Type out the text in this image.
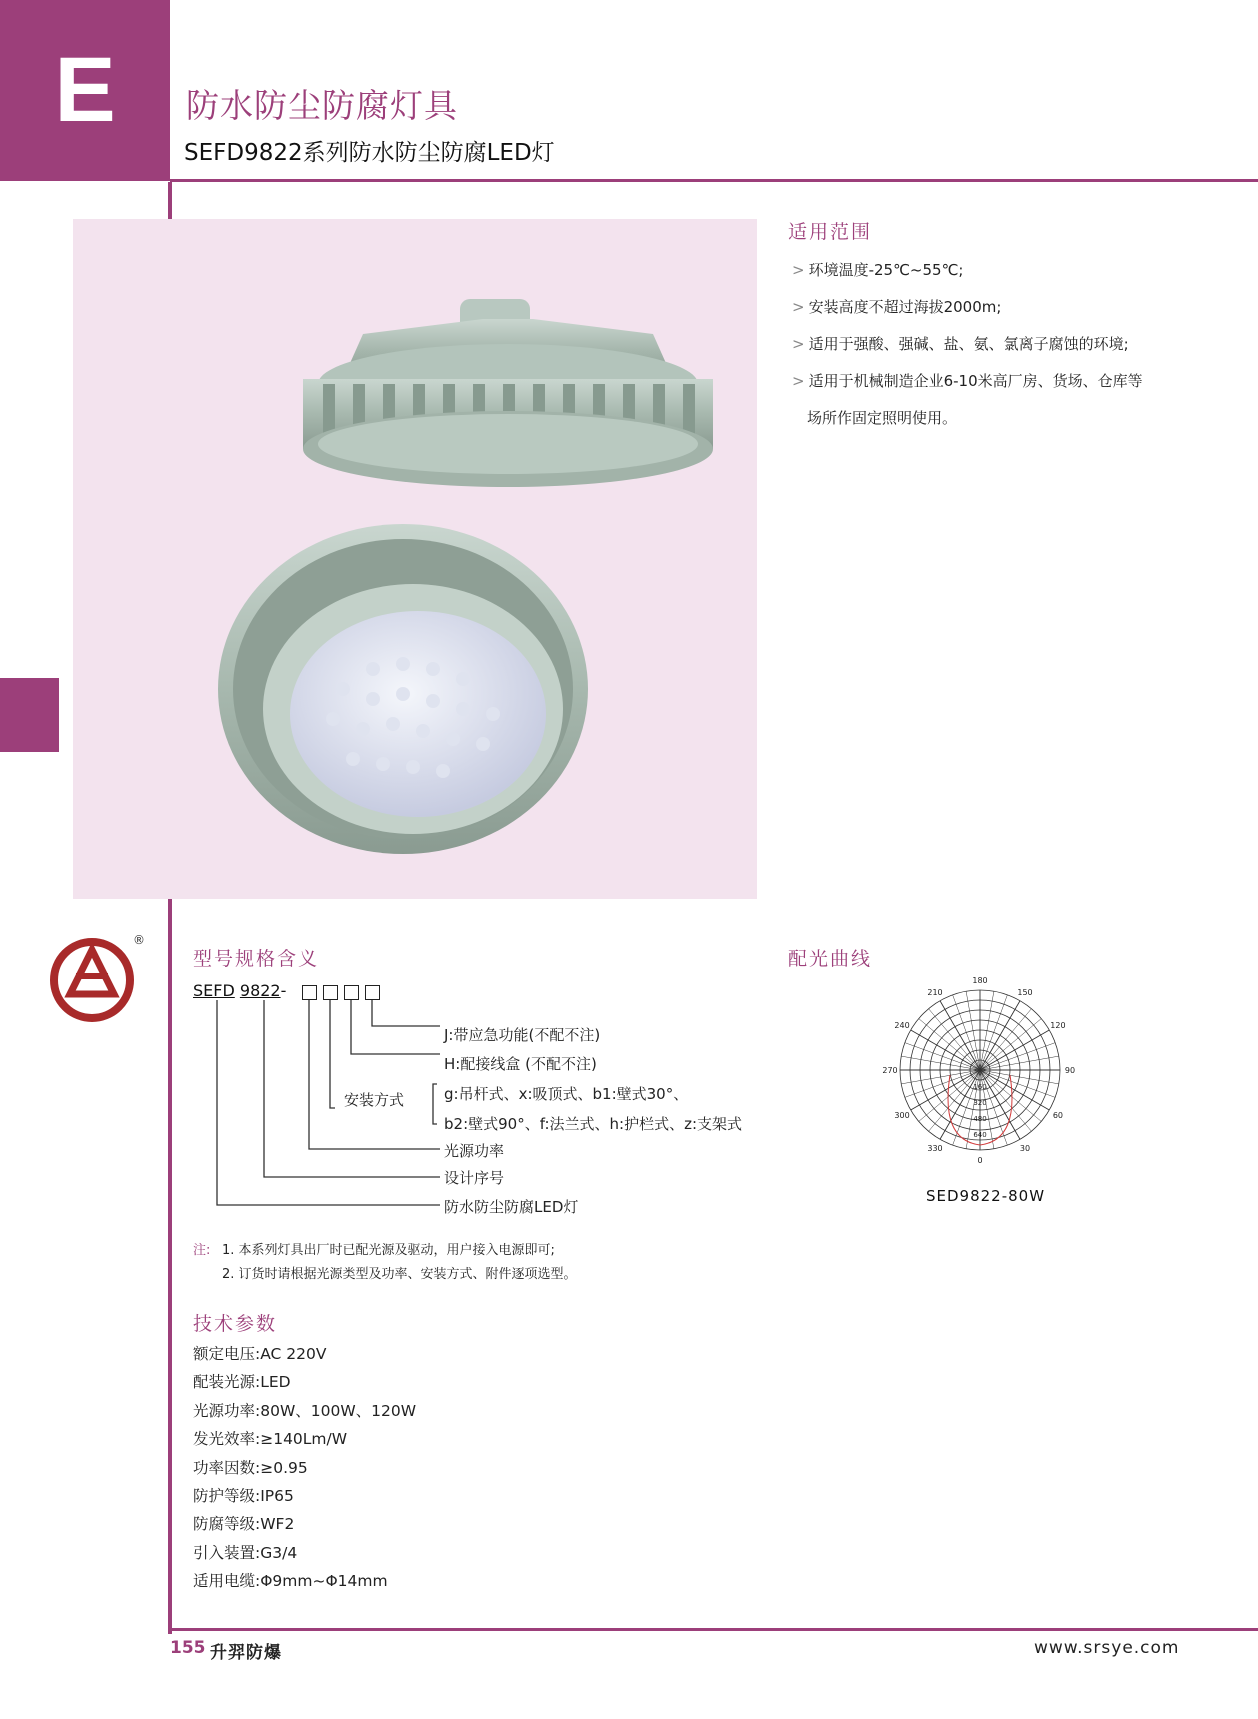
E	防水防尘防腐灯具
SEFD9822系列防水防尘防腐LED灯
适用范围
> 环境温度-25℃~55℃;
> 安装高度不超过海拔2000m;
> 适用于强酸、强碱、盐、氨、氯离子腐蚀的环境;
> 适用于机械制造企业6-10米高厂房、货场、仓库等
场所作固定照明使用。
®
型号规格含义
SEFD 9822-
J:带应急功能(不配不注)
H:配接线盒 (不配不注)
安装方式	g:吊杆式、x:吸顶式、b1:壁式30°、
b2:壁式90°、f:法兰式、h:护栏式、z:支架式
光源功率
设计序号
防水防尘防腐LED灯
注: 1. 本系列灯具出厂时已配光源及驱动，用户接入电源即可;
2. 订货时请根据光源类型及功率、安装方式、附件逐项选型。
配光曲线
180
150
120
90
60
30
0
330
300
270
240
210
160
320
480
640
SED9822-80W
技术参数
额定电压:AC 220V
配装光源:LED
光源功率:80W、100W、120W
发光效率:≥140Lm/W
功率因数:≥0.95
防护等级:IP65
防腐等级:WF2
引入装置:G3/4
适用电缆:Φ9mm~Φ14mm
155 升羿防爆	www.srsye.com
